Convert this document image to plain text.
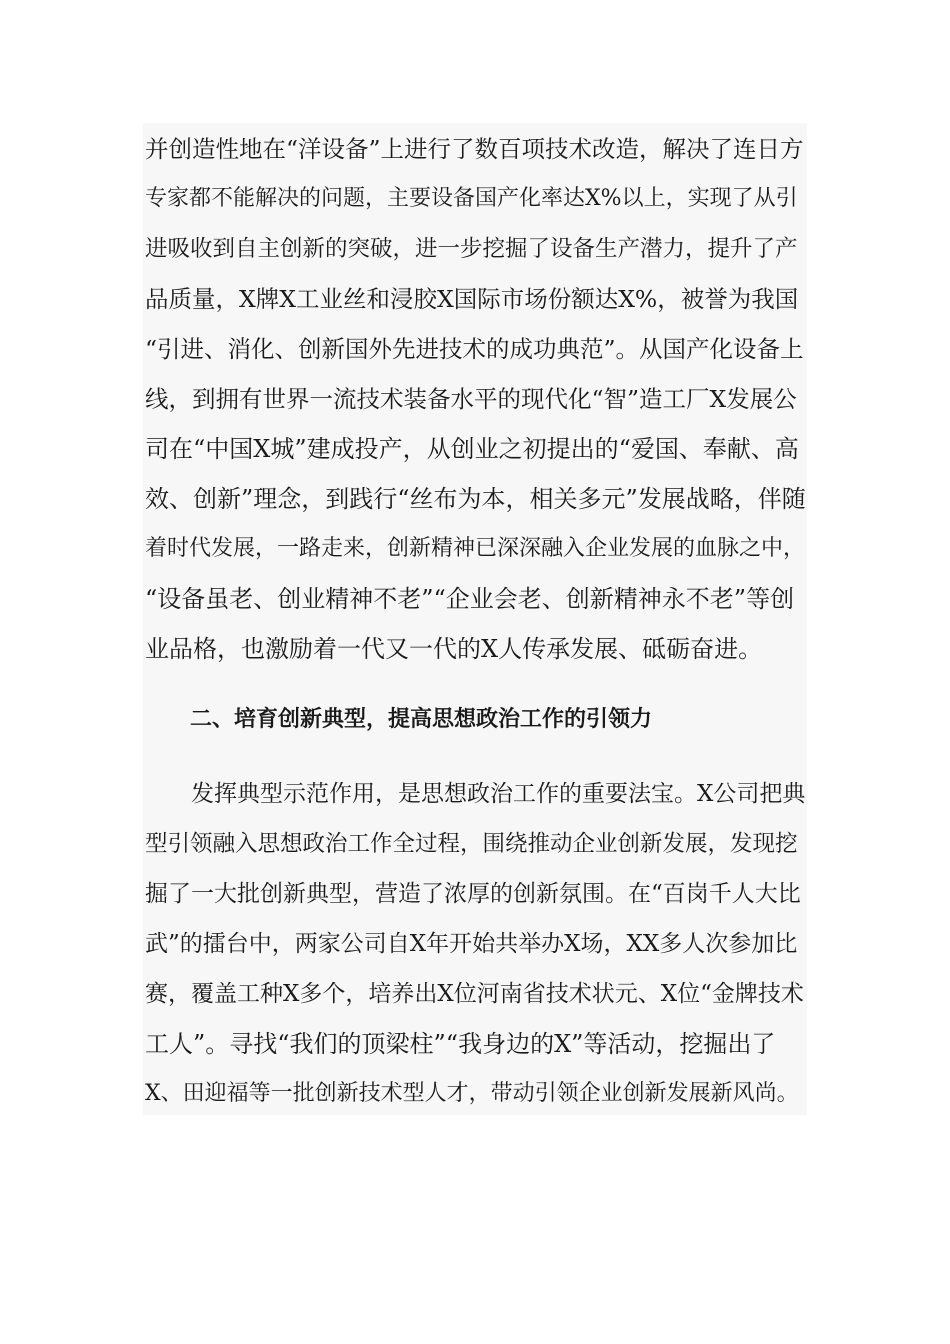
并创造性地在“洋设备”上进行了数百项技术改造，解决了连日方
专家都不能解决的问题，主要设备国产化率达X%以上，实现了从引
进吸收到自主创新的突破，进一步挖掘了设备生产潜力，提升了产
品质量，X牌X工业丝和浸胶X国际市场份额达X%，被誉为我国
“引进、消化、创新国外先进技术的成功典范”。从国产化设备上
线，到拥有世界一流技术装备水平的现代化“智”造工厂X发展公
司在“中国X城”建成投产，从创业之初提出的“爱国、奉献、高
效、创新”理念，到践行“丝布为本，相关多元”发展战略，伴随
着时代发展，一路走来，创新精神已深深融入企业发展的血脉之中，
“设备虽老、创业精神不老”“企业会老、创新精神永不老”等创
业品格，也激励着一代又一代的X人传承发展、砥砺奋进。
二、培育创新典型，提高思想政治工作的引领力
发挥典型示范作用，是思想政治工作的重要法宝。X公司把典
型引领融入思想政治工作全过程，围绕推动企业创新发展，发现挖
掘了一大批创新典型，营造了浓厚的创新氛围。在“百岗千人大比
武”的擂台中，两家公司自X年开始共举办X场，XX多人次参加比
赛，覆盖工种X多个，培养出X位河南省技术状元、X位“金牌技术
工人”。寻找“我们的顶梁柱”“我身边的X”等活动，挖掘出了
X、田迎福等一批创新技术型人才，带动引领企业创新发展新风尚。
